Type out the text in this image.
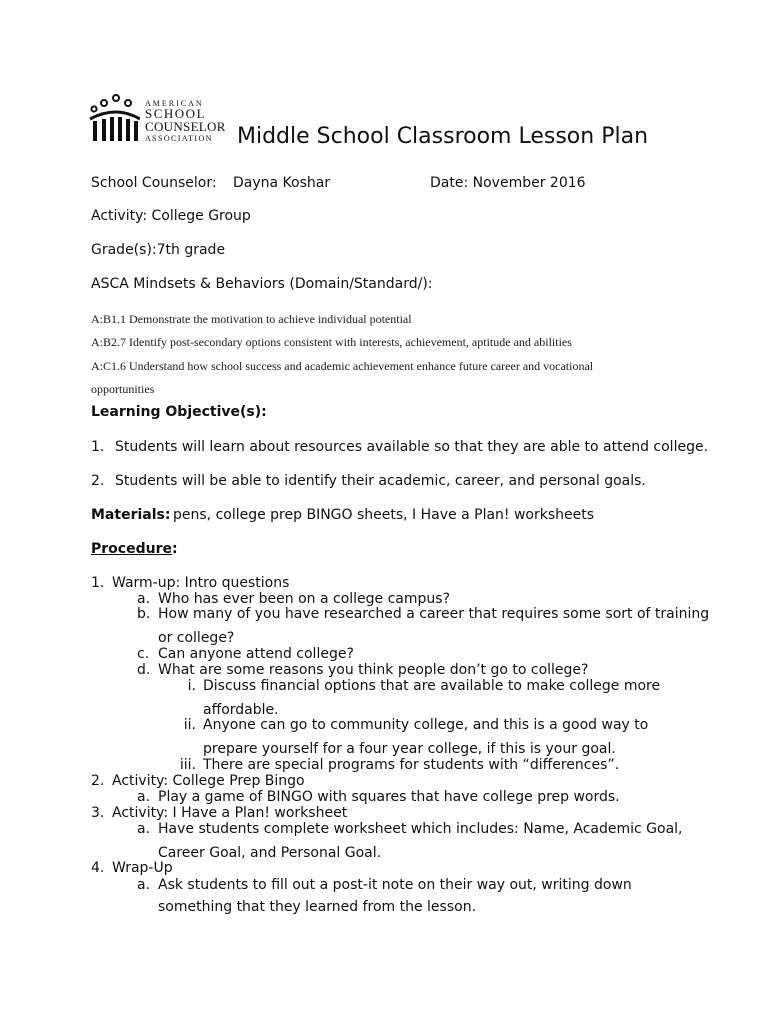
AMERICAN
SCHOOL
COUNSELOR
ASSOCIATION Middle School Classroom Lesson Plan
School Counselor: Dayna Koshar	Date: November 2016
Activity: College Group
Grade(s):7th grade
ASCA Mindsets & Behaviors (Domain/Standard/):
A:B1.1 Demonstrate the motivation to achieve individual potential
A:B2.7 Identify post-secondary options consistent with interests, achievement, aptitude and abilities
A:C1.6 Understand how school success and academic achievement enhance future career and vocational
opportunities
Learning Objective(s):
1. Students will learn about resources available so that they are able to attend college.
2. Students will be able to identify their academic, career, and personal goals.
Materials: pens, college prep BINGO sheets, I Have a Plan! worksheets
Procedure:
1. Warm-up: Intro questions
a. Who has ever been on a college campus?
b. How many of you have researched a career that requires some sort of training
or college?
c. Can anyone attend college?
d. What are some reasons you think people don’t go to college?
i. Discuss financial options that are available to make college more
affordable.
ii. Anyone can go to community college, and this is a good way to
prepare yourself for a four year college, if this is your goal.
iii. There are special programs for students with “differences”.
2. Activity: College Prep Bingo
a. Play a game of BINGO with squares that have college prep words.
3. Activity: I Have a Plan! worksheet
a. Have students complete worksheet which includes: Name, Academic Goal,
Career Goal, and Personal Goal.
4. Wrap-Up
a. Ask students to fill out a post-it note on their way out, writing down
something that they learned from the lesson.
